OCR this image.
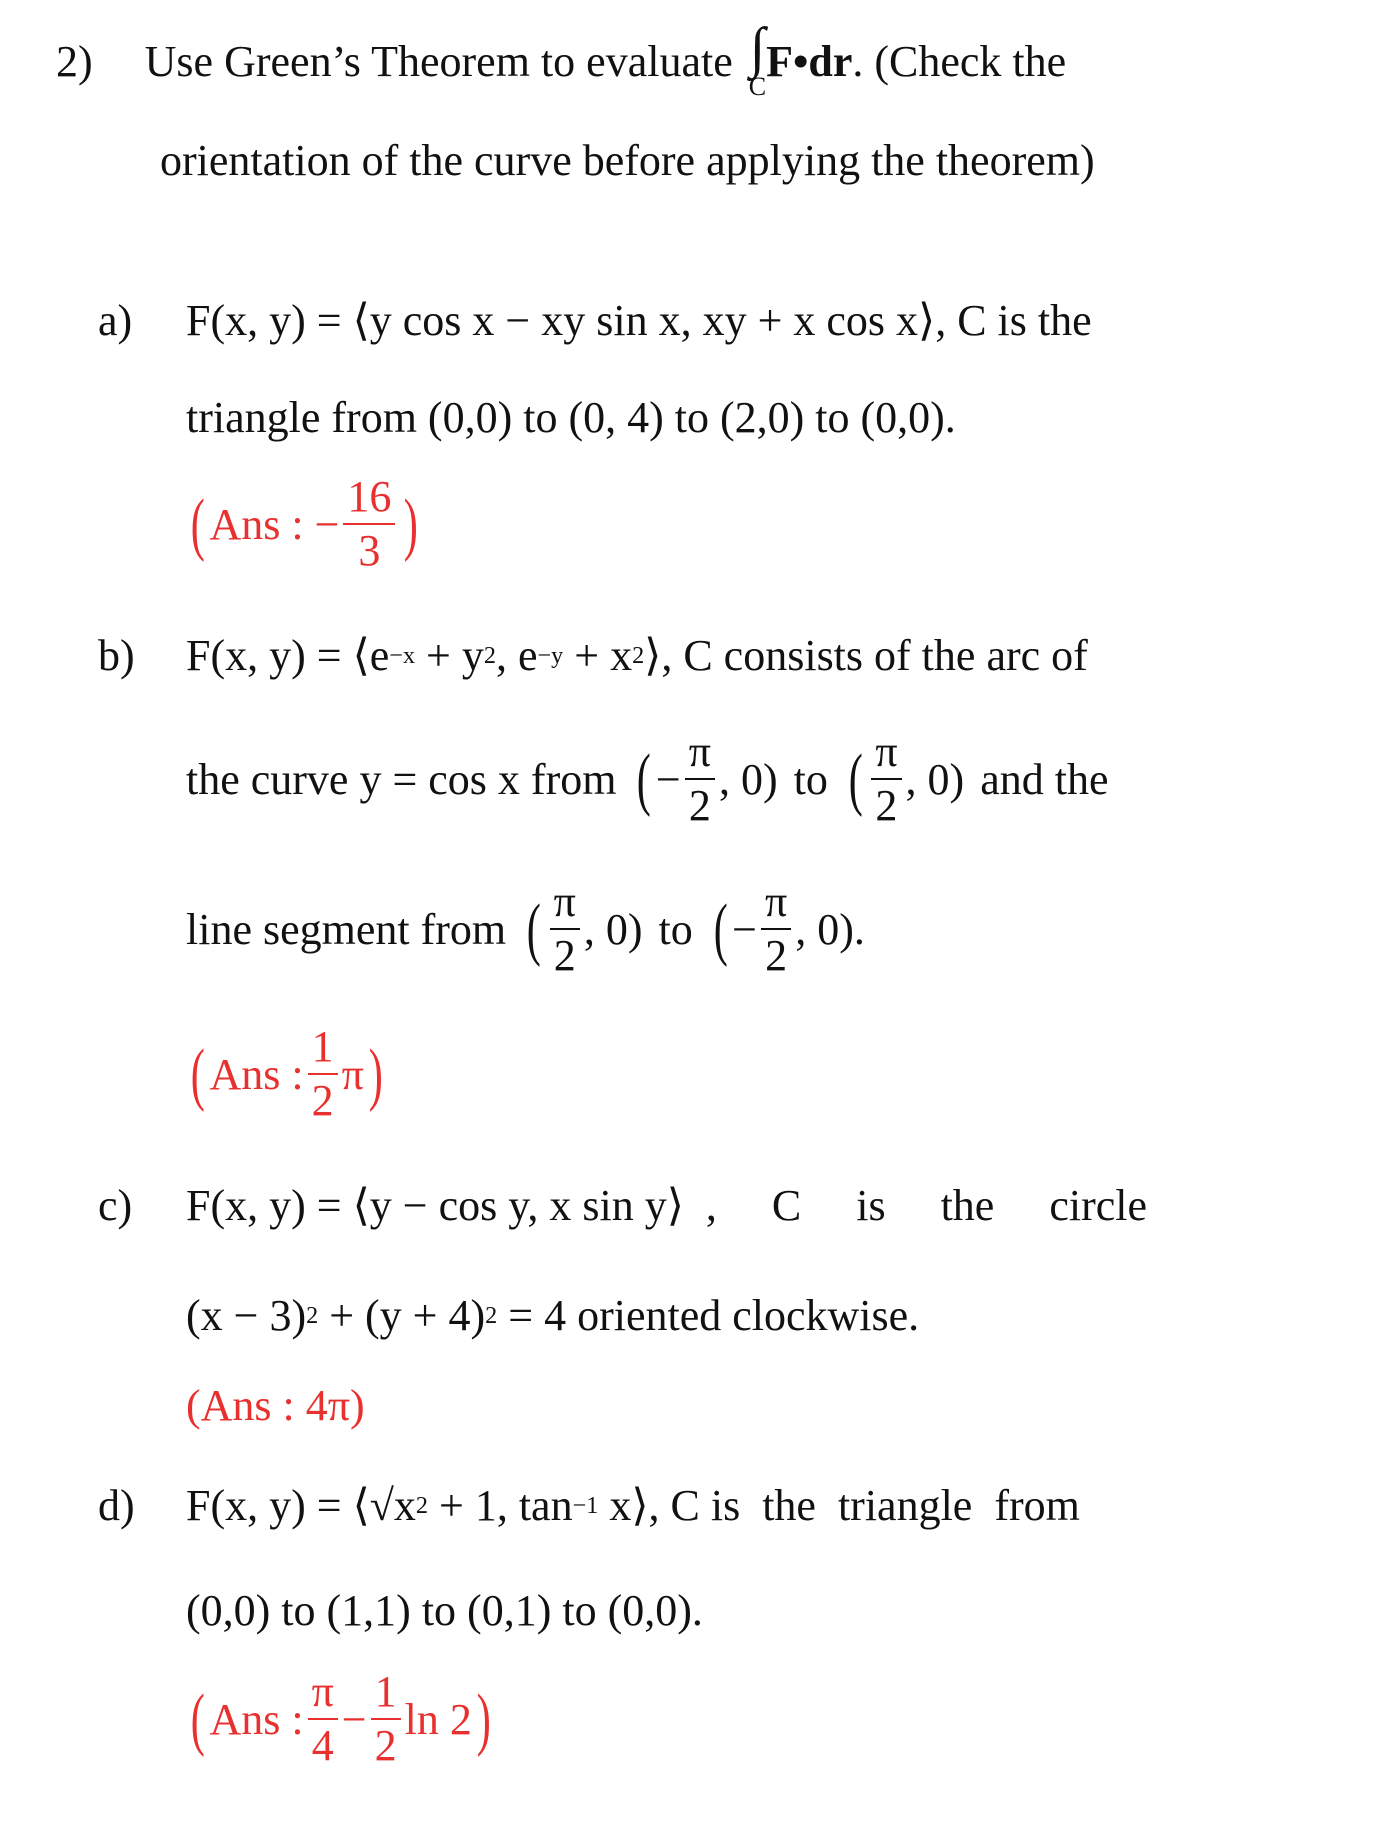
2) Use Green’s Theorem to evaluate ∫
C
F•dr . (Check the
orientation of the curve before applying the theorem)
a)	F(x, y) = ⟨y cos x − xy sin x, xy + x cos x⟩, C is the
triangle from (0,0) to (0, 4) to (2,0) to (0,0).
( Ans : − $\frac{16}{3}$ )
b)	F(x, y) = ⟨e −x + y 2 , e −y + x 2 ⟩, C consists of the arc of
the curve y = cos x from ( − $\frac{\pi}{2}$ , 0) to ( $\frac{\pi}{2}$ , 0) and the
line segment from ( $\frac{\pi}{2}$ , 0) to ( − $\frac{\pi}{2}$ , 0) .
( Ans : $\frac{1}{2}$ π )
c)	F(x, y) = ⟨y − cos y, x sin y⟩  ,     C     is     the     circle
(x − 3) 2 + (y + 4) 2 = 4 oriented clockwise.
(Ans : 4π)
d)	F(x, y) = ⟨√x 2 + 1, tan −1 x⟩, C is  the  triangle  from
(0,0) to (1,1) to (0,1) to (0,0).
( Ans : $\frac{\pi}{4} - \frac{1}{2}$ ln 2 )
